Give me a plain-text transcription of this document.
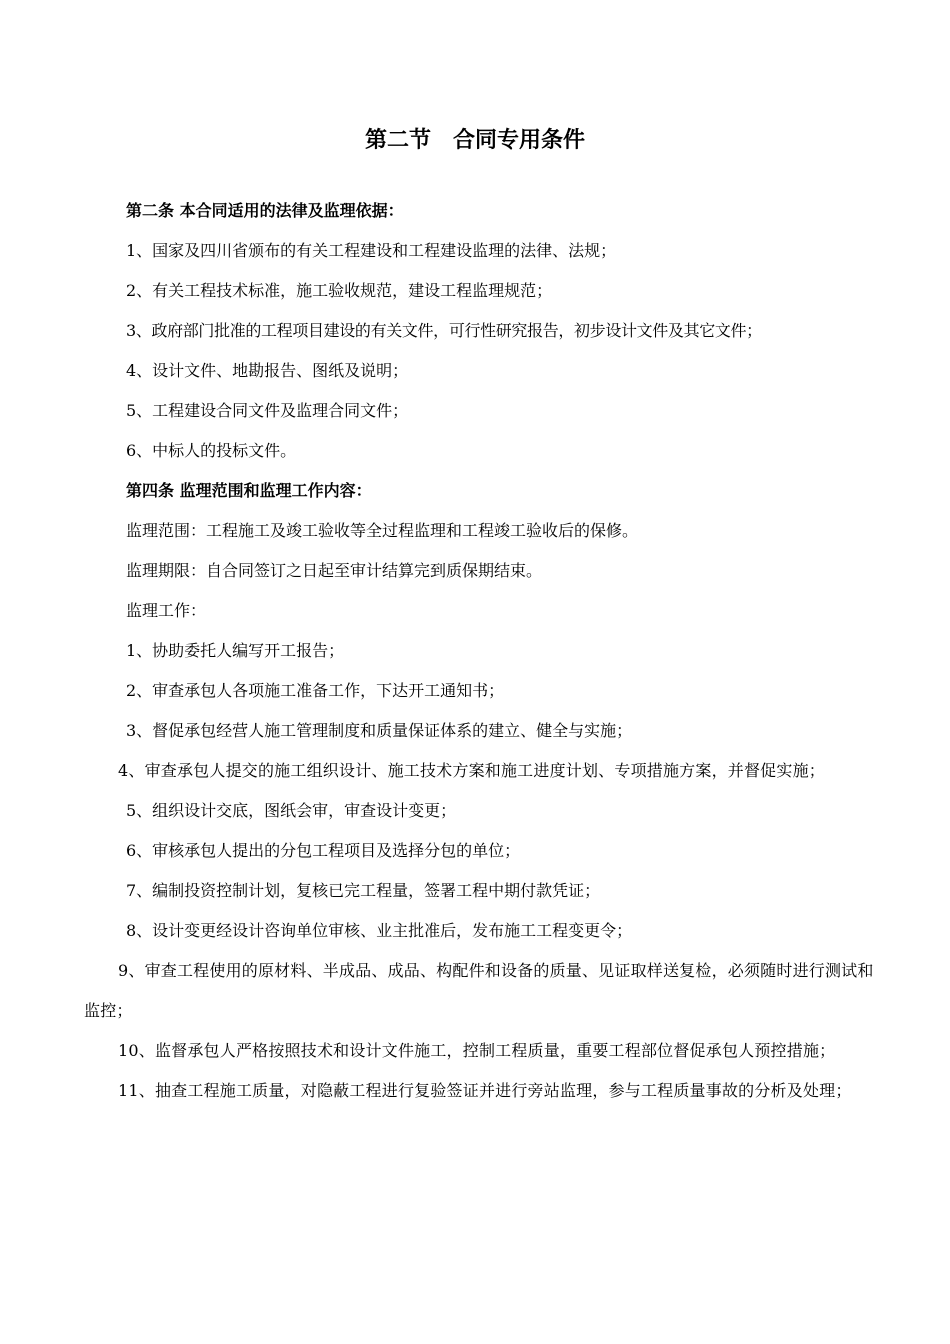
第二节　合同专用条件
第二条 本合同适用的法律及监理依据：
1、国家及四川省颁布的有关工程建设和工程建设监理的法律、法规；
2、有关工程技术标准，施工验收规范，建设工程监理规范；
3、政府部门批准的工程项目建设的有关文件，可行性研究报告，初步设计文件及其它文件；
4、设计文件、地勘报告、图纸及说明；
5、工程建设合同文件及监理合同文件；
6、中标人的投标文件。
第四条 监理范围和监理工作内容：
监理范围：工程施工及竣工验收等全过程监理和工程竣工验收后的保修。
监理期限：自合同签订之日起至审计结算完到质保期结束。
监理工作：
1、协助委托人编写开工报告；
2、审查承包人各项施工准备工作，下达开工通知书；
3、督促承包经营人施工管理制度和质量保证体系的建立、健全与实施；
4、审查承包人提交的施工组织设计、施工技术方案和施工进度计划、专项措施方案，并督促实施；
5、组织设计交底，图纸会审，审查设计变更；
6、审核承包人提出的分包工程项目及选择分包的单位；
7、编制投资控制计划，复核已完工程量，签署工程中期付款凭证；
8、设计变更经设计咨询单位审核、业主批准后，发布施工工程变更令；
9、审查工程使用的原材料、半成品、成品、构配件和设备的质量、见证取样送复检，必须随时进行测试和监控；
10、监督承包人严格按照技术和设计文件施工，控制工程质量，重要工程部位督促承包人预控措施；
11、抽查工程施工质量，对隐蔽工程进行复验签证并进行旁站监理，参与工程质量事故的分析及处理；
